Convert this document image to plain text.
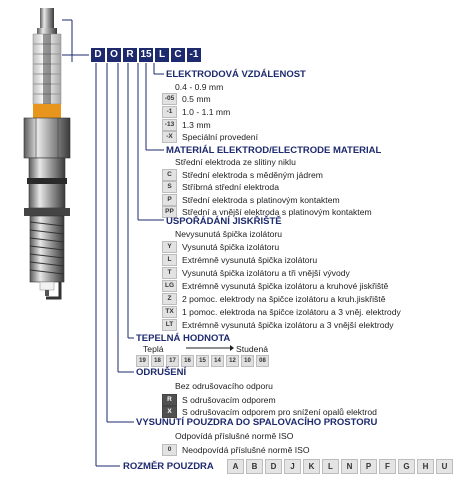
D O R 15 L C -1
ELEKTRODOVÁ VZDÁLENOST
0.4 - 0.9 mm
-05 0.5 mm
-1	1.0 - 1.1 mm
-13 1.3 mm
-X	Speciální provedení
MATERIÁL ELEKTROD/ELECTRODE MATERIAL
Střední elektroda ze slitiny niklu
C	Střední elektroda s měděným jádrem
S	Stříbrná střední elektroda
P	Střední elektroda s platinovým kontaktem
PP Střední a vnější elektroda s platinovým kontaktem
USPOŘÁDÁNÍ JISKŘIŠTĚ
Nevysunutá špička izolátoru
Y	Vysunutá špička izolátoru
L	Extrémně vysunutá špička izolátoru
T	Vysunutá špička izolátoru a tři vnější vývody
LG Extrémně vysunutá špička izolátoru a kruhové jiskřiště
Z	2 pomoc. elektrody na špičce izolátoru a kruh.jiskřiště
TX 1 pomoc. elektroda na špičce izolátoru a 3 vněj. elektrody
LT	Extrémně vysunutá špička izolátoru a 3 vnější elektrody
TEPELNÁ HODNOTA
Teplá	Studená
19	18	17	16	15	14	12	10	08
ODRUŠENÍ
Bez odrušovacího odporu
R	S odrušovacím odporem
X	S odrušovacím odporem pro snížení opalů elektrod
VYSUNUTÍ POUZDRA DO SPALOVACÍHO PROSTORU
Odpovídá příslušné normě ISO
0	Neodpovídá příslušné normě ISO
ROZMĚR POUZDRA	A	B	D	J	K	L	N	P	F	G	H	U
